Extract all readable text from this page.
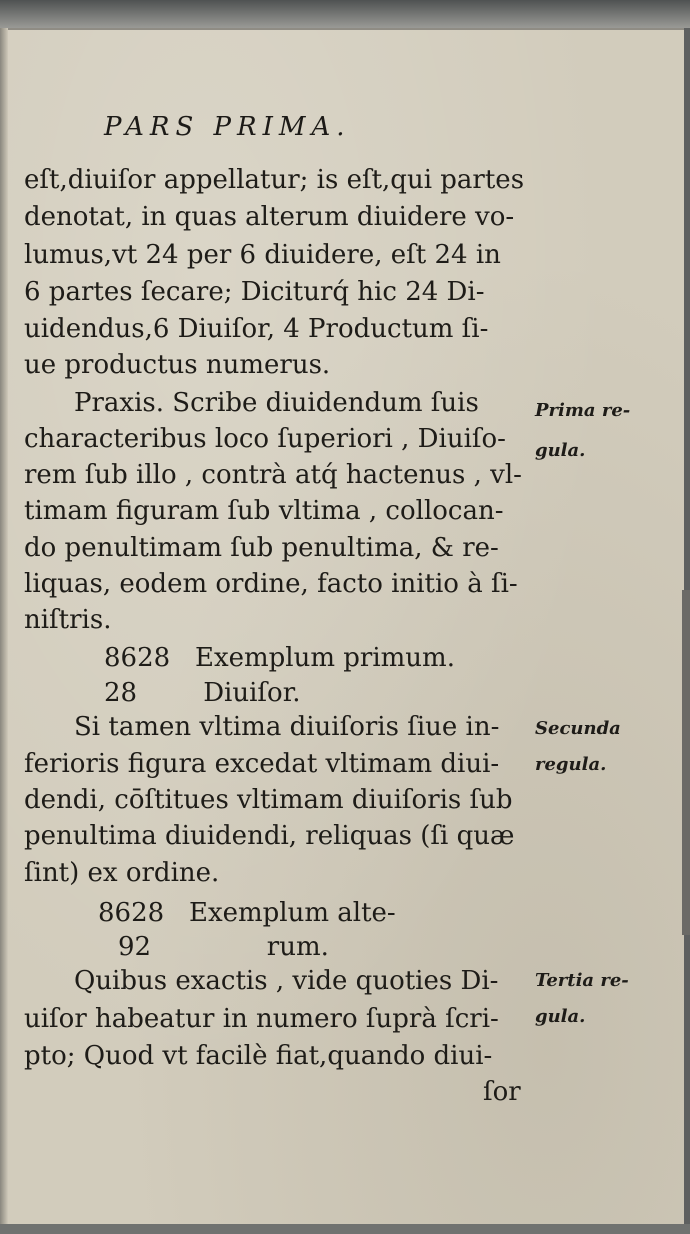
PARS PRIMA.
eſt,diuiſor appellatur; is eſt,qui partes
denotat, in quas alterum diuidere vo-
lumus,vt 24 per 6 diuidere, eſt 24 in
6 partes ſecare; Diciturq́ hic 24 Di-
uidendus,6 Diuiſor, 4 Productum ſi-
ue productus numerus.
Praxis. Scribe diuidendum ſuis
characteribus loco ſuperiori , Diuiſo-
rem ſub illo , contrà atq́ hactenus , vl-
timam figuram ſub vltima , collocan-
do penultimam ſub penultima, & re-
liquas, eodem ordine, facto initio à ſi-
niſtris.
8628   Exemplum primum.
28        Diuiſor.
Si tamen vltima diuiſoris ſiue in-
ferioris figura excedat vltimam diui-
dendi, cōſtitues vltimam diuiſoris ſub
penultima diuidendi, reliquas (ſi quæ
ſint) ex ordine.
8628   Exemplum alte-
92              rum.
Quibus exactis , vide quoties Di-
uiſor habeatur in numero ſuprà ſcri-
pto; Quod vt facilè fiat,quando diui-
ſor
Prima re-
gula.
Secunda
regula.
Tertia re-
gula.
